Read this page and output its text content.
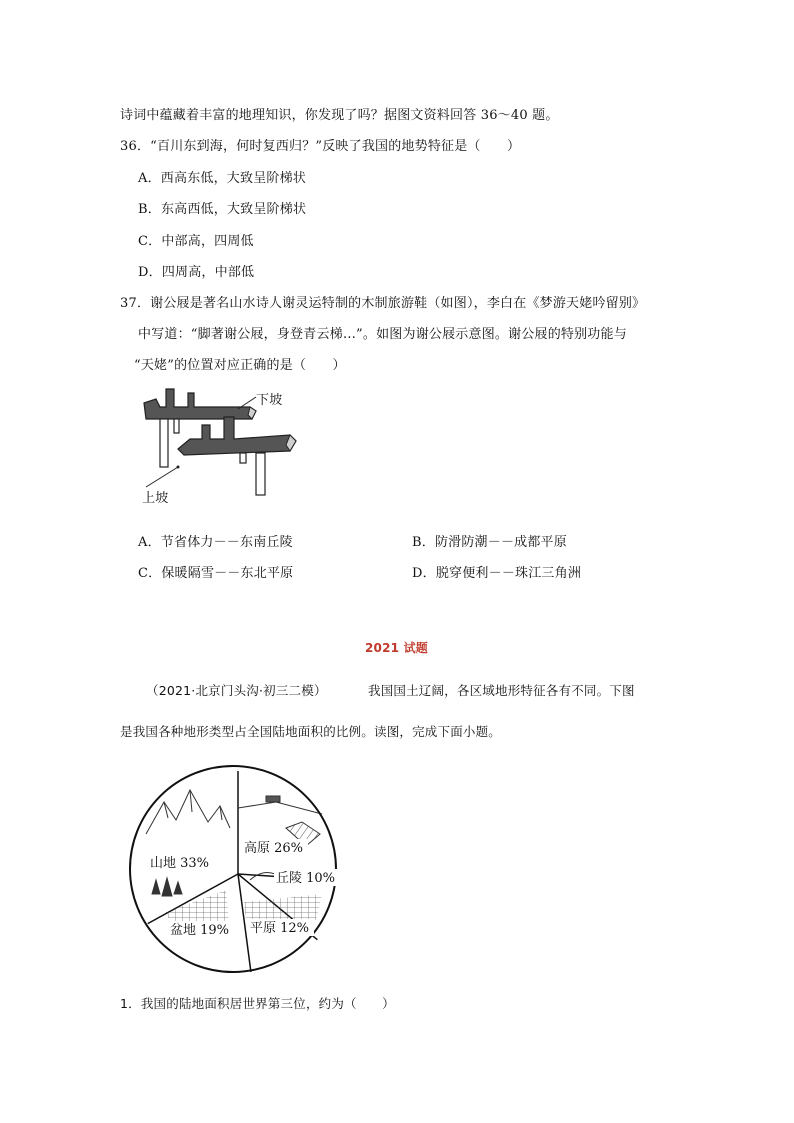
诗词中蕴藏着丰富的地理知识，你发现了吗？据图文资料回答 36～40 题。
36．“百川东到海，何时复西归？”反映了我国的地势特征是（　　）
A．西高东低，大致呈阶梯状
B．东高西低，大致呈阶梯状
C．中部高，四周低
D．四周高，中部低
37．谢公屐是著名山水诗人谢灵运特制的木制旅游鞋（如图），李白在《梦游天姥吟留别》
中写道：“脚著谢公屐，身登青云梯…”。如图为谢公屐示意图。谢公屐的特别功能与
“天姥”的位置对应正确的是（　　）
下坡
上坡
A．节省体力－－东南丘陵	B．防滑防潮－－成都平原
C．保暖隔雪－－东北平原	D．脱穿便利－－珠江三角洲
2021 试题
（2021·北京门头沟·初三二模）	我国国土辽阔，各区域地形特征各有不同。下图
是我国各种地形类型占全国陆地面积的比例。读图，完成下面小题。
高原 26%
丘陵 10%
平原 12%
盆地 19%
山地 33%
1．我国的陆地面积居世界第三位，约为（　　）
